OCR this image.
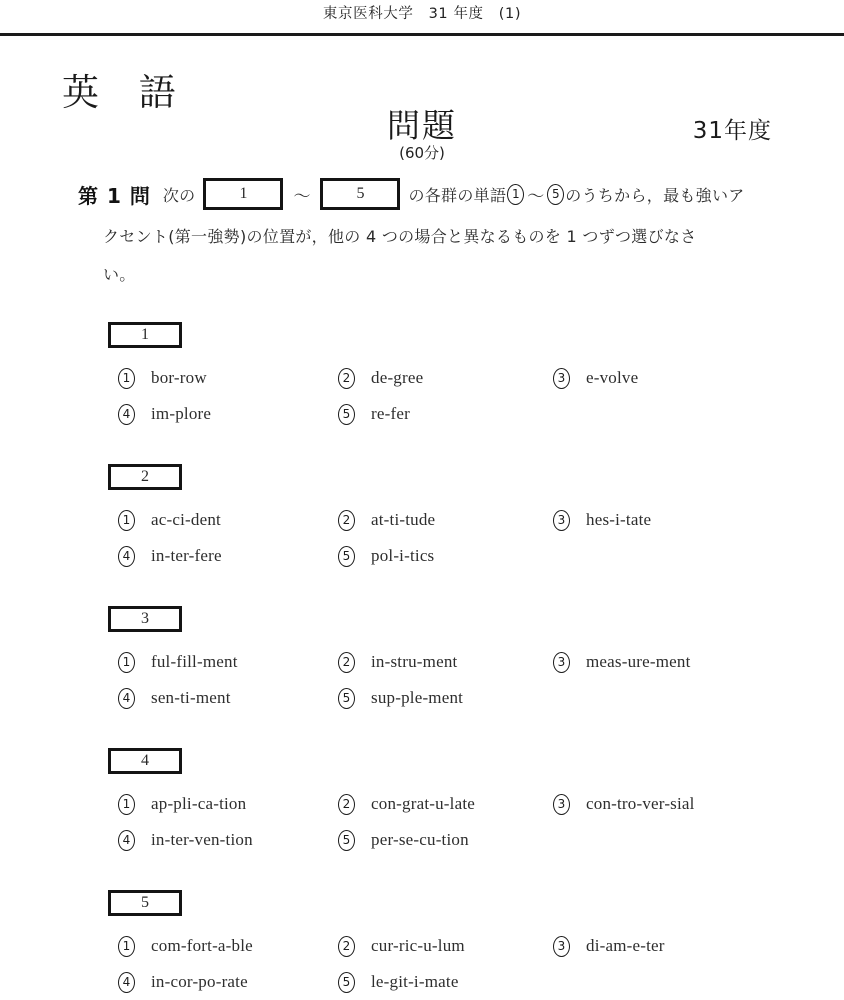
東京医科大学　31 年度　(1)
英 語
問題
(60分)
31年度
第 1 問 次の	1	～	5	の各群の単語 1 ～ 5 のうちから，最も強いア
クセント(第一強勢)の位置が，他の 4 つの場合と異なるものを 1 つずつ選びなさ
い。
1
1 bor-row	2 de-gree	3 e-volve
4 im-plore	5 re-fer
2
1 ac-ci-dent	2 at-ti-tude	3 hes-i-tate
4 in-ter-fere	5 pol-i-tics
3
1 ful-fill-ment	2 in-stru-ment	3 meas-ure-ment
4 sen-ti-ment	5 sup-ple-ment
4
1 ap-pli-ca-tion	2 con-grat-u-late	3 con-tro-ver-sial
4 in-ter-ven-tion	5 per-se-cu-tion
5
1 com-fort-a-ble	2 cur-ric-u-lum	3 di-am-e-ter
4 in-cor-po-rate	5 le-git-i-mate
